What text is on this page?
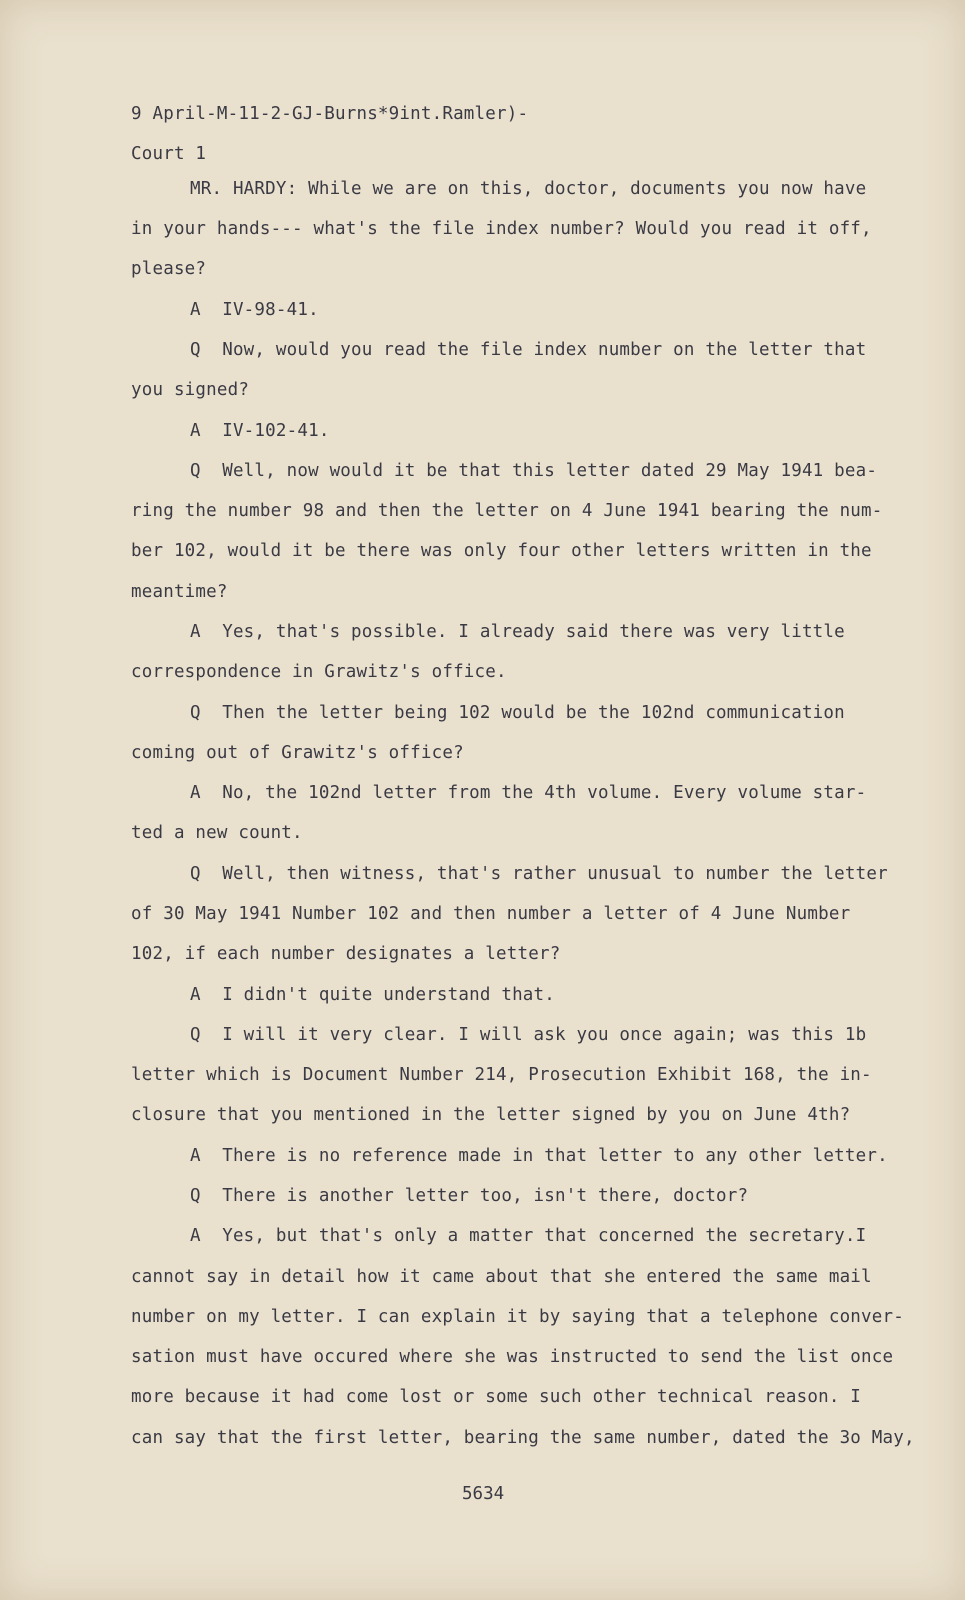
9 April-M-11-2-GJ-Burns*9int.Ramler)-
Court 1
MR. HARDY: While we are on this, doctor, documents you now have
in your hands--- what's the file index number? Would you read it off,
please?
A  IV-98-41.
Q  Now, would you read the file index number on the letter that
you signed?
A  IV-102-41.
Q  Well, now would it be that this letter dated 29 May 1941 bea-
ring the number 98 and then the letter on 4 June 1941 bearing the num-
ber 102, would it be there was only four other letters written in the
meantime?
A  Yes, that's possible. I already said there was very little
correspondence in Grawitz's office.
Q  Then the letter being 102 would be the 102nd communication
coming out of Grawitz's office?
A  No, the 102nd letter from the 4th volume. Every volume star-
ted a new count.
Q  Well, then witness, that's rather unusual to number the letter
of 30 May 1941 Number 102 and then number a letter of 4 June Number
102, if each number designates a letter?
A  I didn't quite understand that.
Q  I will it very clear. I will ask you once again; was this 1b
letter which is Document Number 214, Prosecution Exhibit 168, the in-
closure that you mentioned in the letter signed by you on June 4th?
A  There is no reference made in that letter to any other letter.
Q  There is another letter too, isn't there, doctor?
A  Yes, but that's only a matter that concerned the secretary.I
cannot say in detail how it came about that she entered the same mail
number on my letter. I can explain it by saying that a telephone conver-
sation must have occured where she was instructed to send the list once
more because it had come lost or some such other technical reason. I
can say that the first letter, bearing the same number, dated the 3o May,
5634
